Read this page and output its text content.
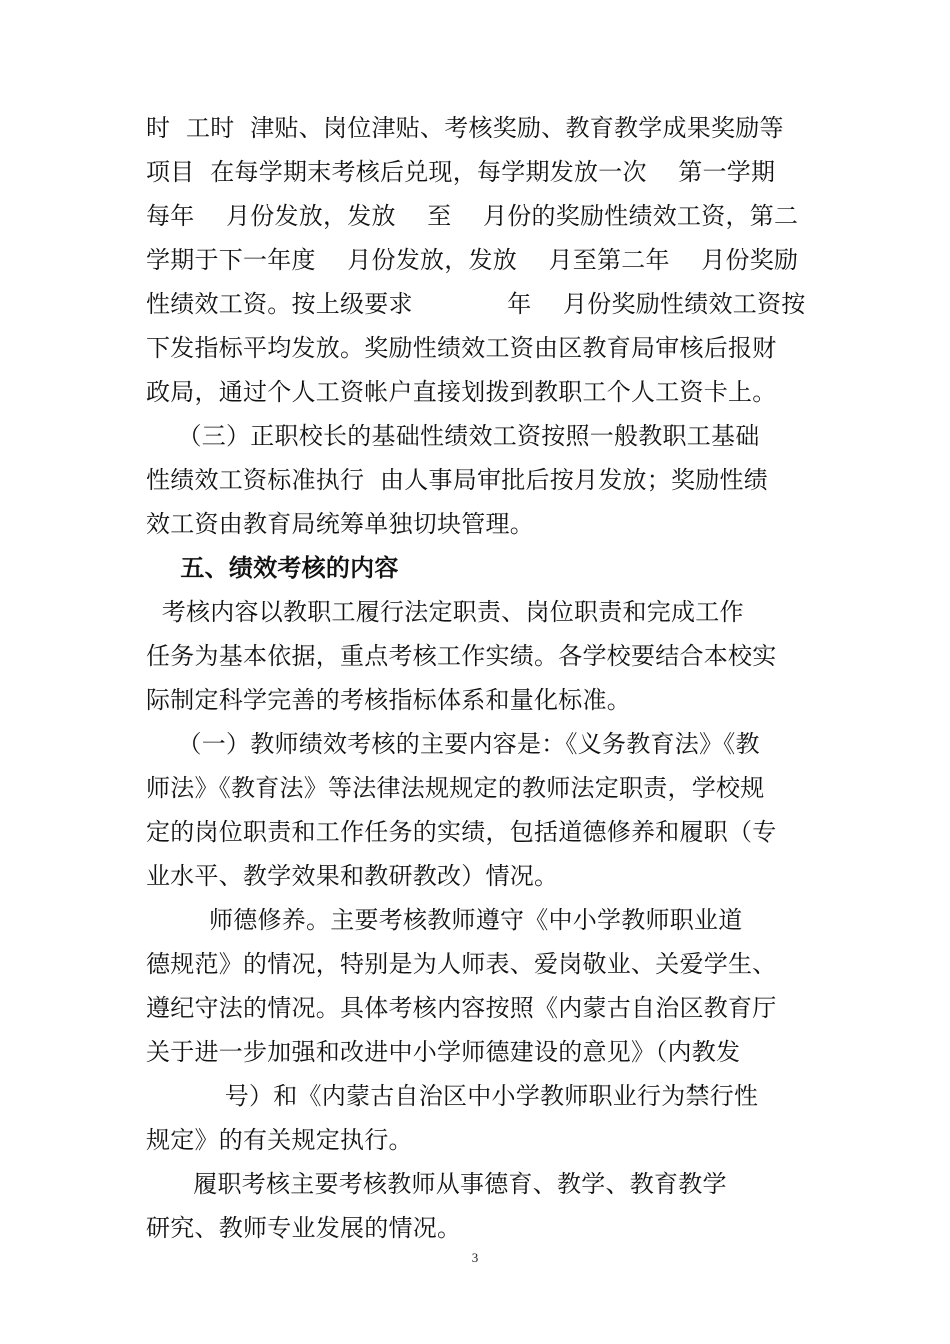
时  工时  津贴、岗位津贴、考核奖励、教育教学成果奖励等
项目  在每学期末考核后兑现，每学期发放一次    第一学期
每年    月份发放，发放    至    月份的奖励性绩效工资，第二
学期于下一年度    月份发放，发放    月至第二年    月份奖励
性绩效工资。按上级要求            年    月份奖励性绩效工资按
下发指标平均发放。奖励性绩效工资由区教育局审核后报财
政局，通过个人工资帐户直接划拨到教职工个人工资卡上。
（三）正职校长的基础性绩效工资按照一般教职工基础
性绩效工资标准执行  由人事局审批后按月发放；奖励性绩
效工资由教育局统筹单独切块管理。
五、绩效考核的内容
考核内容以教职工履行法定职责、岗位职责和完成工作
任务为基本依据，重点考核工作实绩。各学校要结合本校实
际制定科学完善的考核指标体系和量化标准。
（一）教师绩效考核的主要内容是：《义务教育法》《教
师法》《教育法》等法律法规规定的教师法定职责，学校规
定的岗位职责和工作任务的实绩，包括道德修养和履职（专
业水平、教学效果和教研教改）情况。
师德修养。主要考核教师遵守《中小学教师职业道
德规范》的情况，特别是为人师表、爱岗敬业、关爱学生、
遵纪守法的情况。具体考核内容按照《内蒙古自治区教育厅
关于进一步加强和改进中小学师德建设的意见》（内教发
号）和《内蒙古自治区中小学教师职业行为禁行性
规定》的有关规定执行。
履职考核主要考核教师从事德育、教学、教育教学
研究、教师专业发展的情况。
3
